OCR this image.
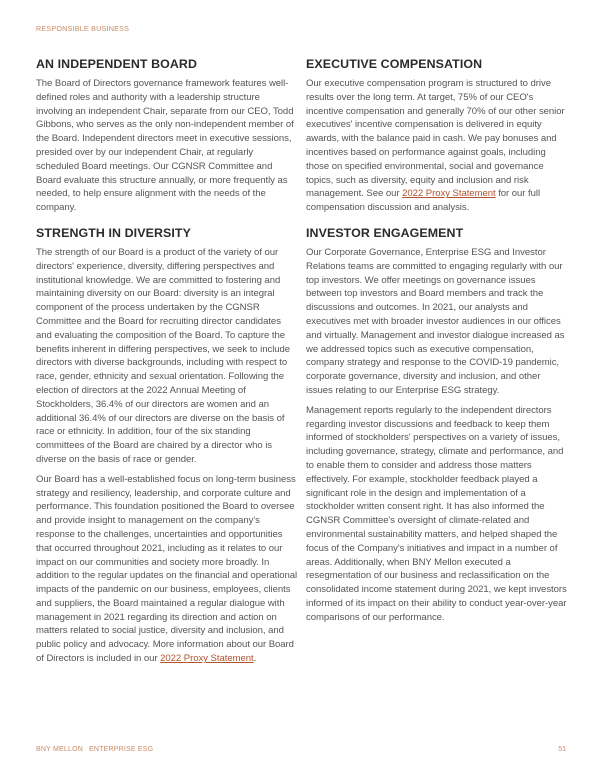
RESPONSIBLE BUSINESS
AN INDEPENDENT BOARD

The Board of Directors governance framework features well-defined roles and authority with a leadership structure involving an independent Chair, separate from our CEO, Todd Gibbons, who serves as the only non-independent member of the Board. Independent directors meet in executive sessions, presided over by our independent Chair, at regularly scheduled Board meetings. Our CGNSR Committee and Board evaluate this structure annually, or more frequently as needed, to help ensure alignment with the needs of the company.

STRENGTH IN DIVERSITY

The strength of our Board is a product of the variety of our directors' experience, diversity, differing perspectives and institutional knowledge. We are committed to fostering and maintaining diversity on our Board: diversity is an integral component of the process undertaken by the CGNSR Committee and the Board for recruiting director candidates and evaluating the composition of the Board. To capture the benefits inherent in differing perspectives, we seek to include directors with diverse backgrounds, including with respect to race, gender, ethnicity and sexual orientation. Following the election of directors at the 2022 Annual Meeting of Stockholders, 36.4% of our directors are women and an additional 36.4% of our directors are diverse on the basis of race or ethnicity. In addition, four of the six standing committees of the Board are chaired by a director who is diverse on the basis of race or gender.

Our Board has a well-established focus on long-term business strategy and resiliency, leadership, and corporate culture and performance. This foundation positioned the Board to oversee and provide insight to management on the company's response to the challenges, uncertainties and opportunities that occurred throughout 2021, including as it relates to our impact on our communities and society more broadly. In addition to the regular updates on the financial and operational impacts of the pandemic on our business, employees, clients and suppliers, the Board maintained a regular dialogue with management in 2021 regarding its direction and action on matters related to social justice, diversity and inclusion, and public policy and advocacy. More information about our Board of Directors is included in our 2022 Proxy Statement.

EXECUTIVE COMPENSATION

Our executive compensation program is structured to drive results over the long term. At target, 75% of our CEO's incentive compensation and generally 70% of our other senior executives' incentive compensation is delivered in equity awards, with the balance paid in cash. We pay bonuses and incentives based on performance against goals, including those on specified environmental, social and governance topics, such as diversity, equity and inclusion and risk management. See our 2022 Proxy Statement for our full compensation discussion and analysis.

INVESTOR ENGAGEMENT

Our Corporate Governance, Enterprise ESG and Investor Relations teams are committed to engaging regularly with our top investors. We offer meetings on governance issues between top investors and Board members and track the discussions and outcomes. In 2021, our analysts and executives met with broader investor audiences in our offices and virtually. Management and investor dialogue increased as we addressed topics such as executive compensation, company strategy and response to the COVID-19 pandemic, corporate governance, diversity and inclusion, and other issues relating to our Enterprise ESG strategy.

Management reports regularly to the independent directors regarding investor discussions and feedback to keep them informed of stockholders' perspectives on a variety of issues, including governance, strategy, climate and performance, and to enable them to consider and address those matters effectively. For example, stockholder feedback played a significant role in the design and implementation of a stockholder written consent right. It has also informed the CGNSR Committee's oversight of climate-related and environmental sustainability matters, and helped shaped the focus of the Company's initiatives and impact in a number of areas. Additionally, when BNY Mellon executed a resegmentation of our business and reclassification on the consolidated income statement during 2021, we kept investors informed of its impact on their ability to conduct year-over-year comparisons of our performance.

BNY MELLON ENTERPRISE ESG	51
